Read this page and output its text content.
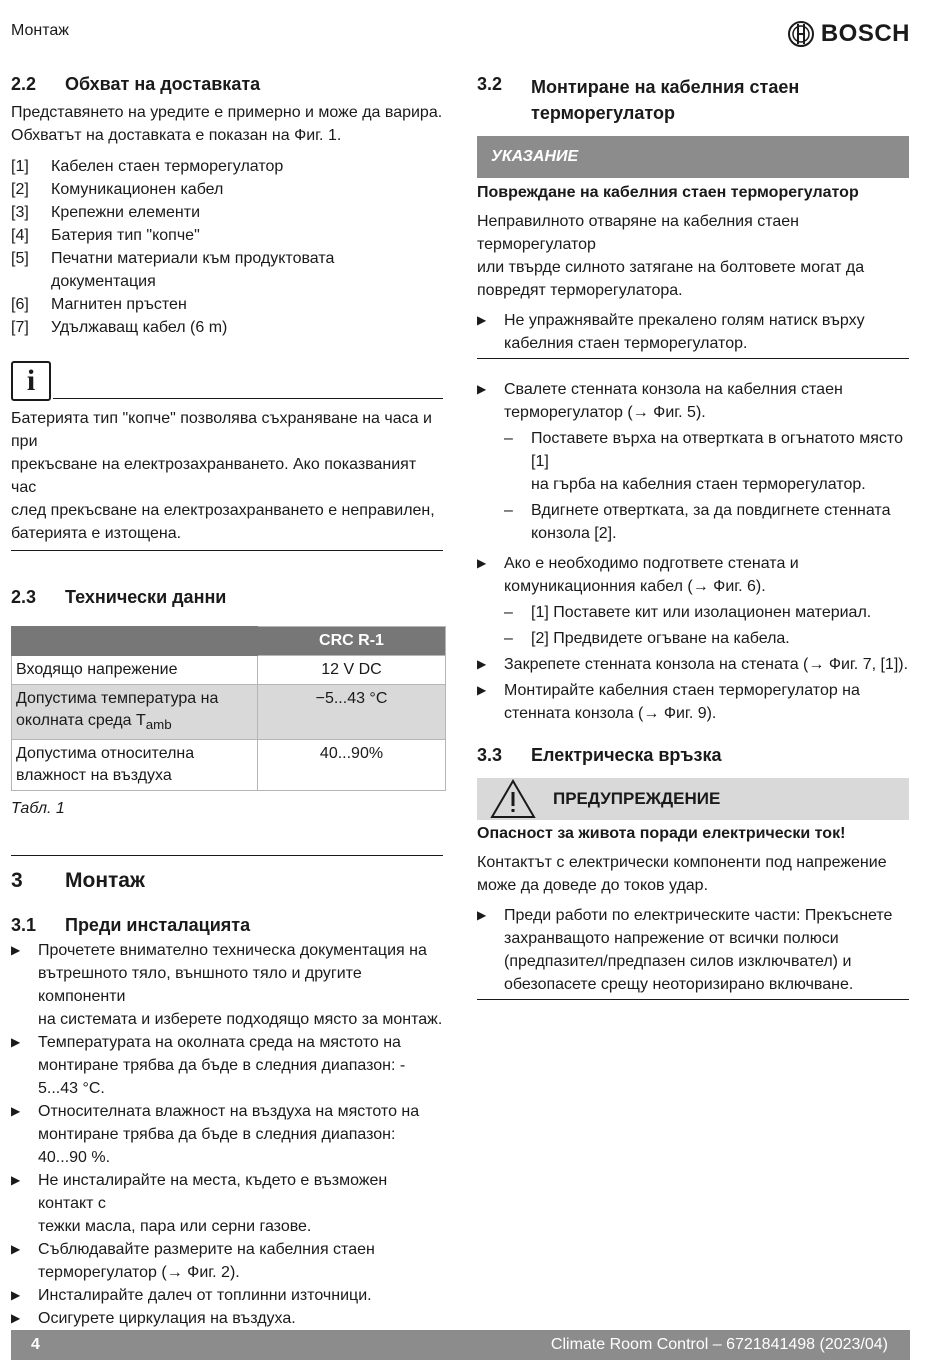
Монтаж	BOSCH
2.2	Обхват на доставката

Представянето на уредите е примерно и може да варира.

Обхватът на доставката е показан на Фиг. 1.

[1]	Кабелен стаен терморегулатор
[2]	Комуникационен кабел
[3]	Крепежни елементи
[4]	Батерия тип "копче"
[5]	Печатни материали към продуктовата документация
[6]	Магнитен пръстен
[7]	Удължаващ кабел (6 m)
i

Батерията тип "копче" позволява съхраняване на часа и при

прекъсване на електрозахранването. Ако показваният час

след прекъсване на електрозахранването е неправилен,

батерията е изтощена.

2.3	Технически данни
	CRC R-1
Входящо напрежение	12 V DC

Допустима температура на
околната среда $T_{amb}$	−5...43 °C

Допустима относителна
влажност на въздуха	40...90%

Табл. 1

3	Монтаж
3.1	Преди инсталацията
▶	Прочетете внимателно техническа документация на

вътрешното тяло, външното тяло и другите компоненти

на системата и изберете подходящо място за монтаж.

▶	Температурата на околната среда на мястото на

монтиране трябва да бъде в следния диапазон: -

5...43 °C.

▶	Относителната влажност на въздуха на мястото на

монтиране трябва да бъде в следния диапазон:

40...90 %.

▶	Не инсталирайте на места, където е възможен контакт с

тежки масла, пара или серни газове.

▶	Съблюдавайте размерите на кабелния стаен

терморегулатор (→ Фиг. 2).

▶	Инсталирайте далеч от топлинни източници.

▶	Осигурете циркулация на въздуха.

3.2	Монтиране на кабелния стаен
терморегулатор
УКАЗАНИЕ

Повреждане на кабелния стаен терморегулатор

Неправилното отваряне на кабелния стаен терморегулатор

или твърде силното затягане на болтовете могат да

повредят терморегулатора.

▶	Не упражнявайте прекалено голям натиск върху

кабелния стаен терморегулатор.

▶	Свалете стенната конзола на кабелния стаен

терморегулатор (→ Фиг. 5).

–	Поставете върха на отвертката в огънатото място [1]

на гърба на кабелния стаен терморегулатор.

–	Вдигнете отвертката, за да повдигнете стенната

конзола [2].

▶	Ако е необходимо подгответе стената и

комуникационния кабел (→ Фиг. 6).

–	[1] Поставете кит или изолационен материал.

–	[2] Предвидете огъване на кабела.

▶	Закрепете стенната конзола на стената (→ Фиг. 7, [1]).

▶	Монтирайте кабелния стаен терморегулатор на

стенната конзола (→ Фиг. 9).

3.3	Електрическа връзка
ПРЕДУПРЕЖДЕНИЕ

Опасност за живота поради електрически ток!

Контактът с електрически компоненти под напрежение

може да доведе до токов удар.

▶	Преди работи по електрическите части: Прекъснете

захранващото напрежение от всички полюси

(предпазител/предпазен силов изключвател) и

обезопасете срещу неоторизирано включване.

4	Climate Room Control – 6721841498 (2023/04)
